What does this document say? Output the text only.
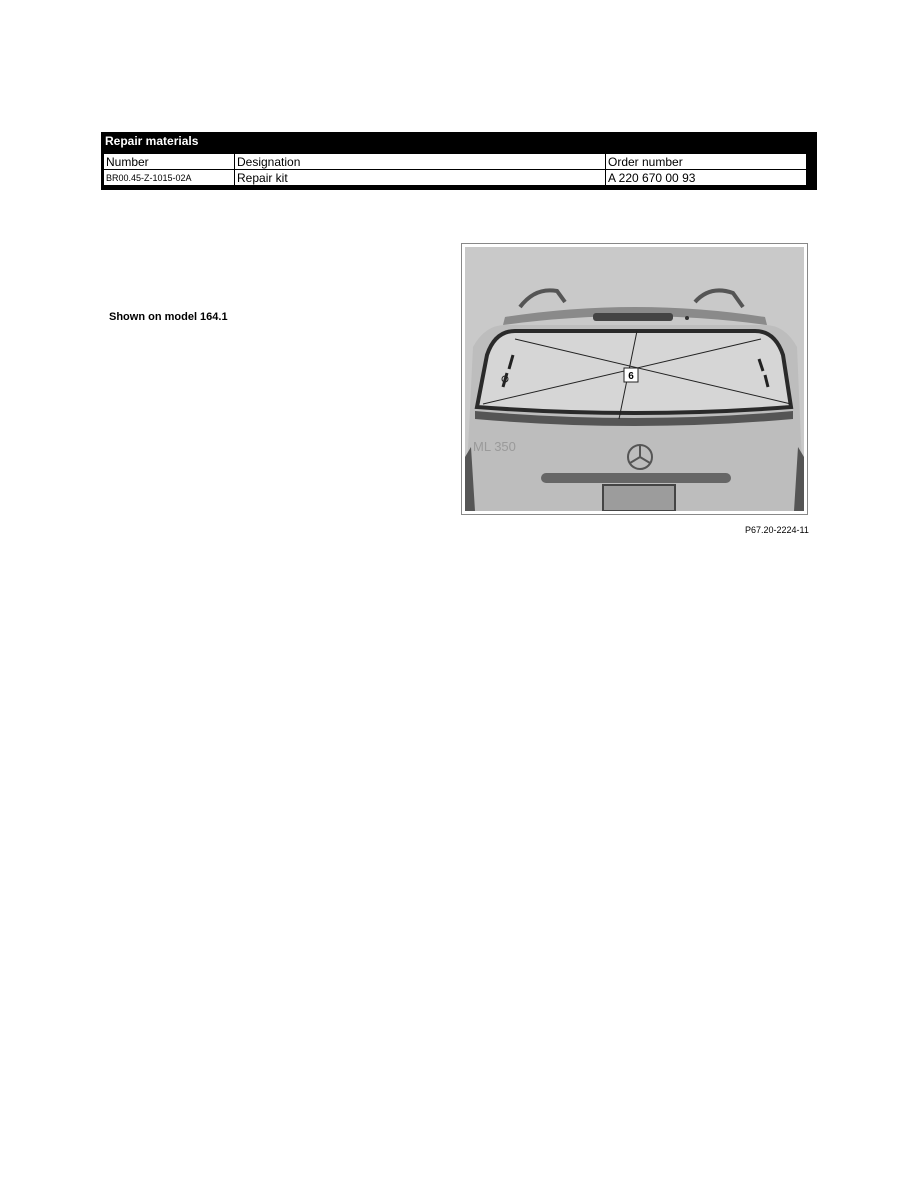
Repair materials
Number	Designation	Order number
BR00.45-Z-1015-02A	Repair kit	A 220 670 00 93
Shown on model 164.1
6
ML 350
P67.20-2224-11
